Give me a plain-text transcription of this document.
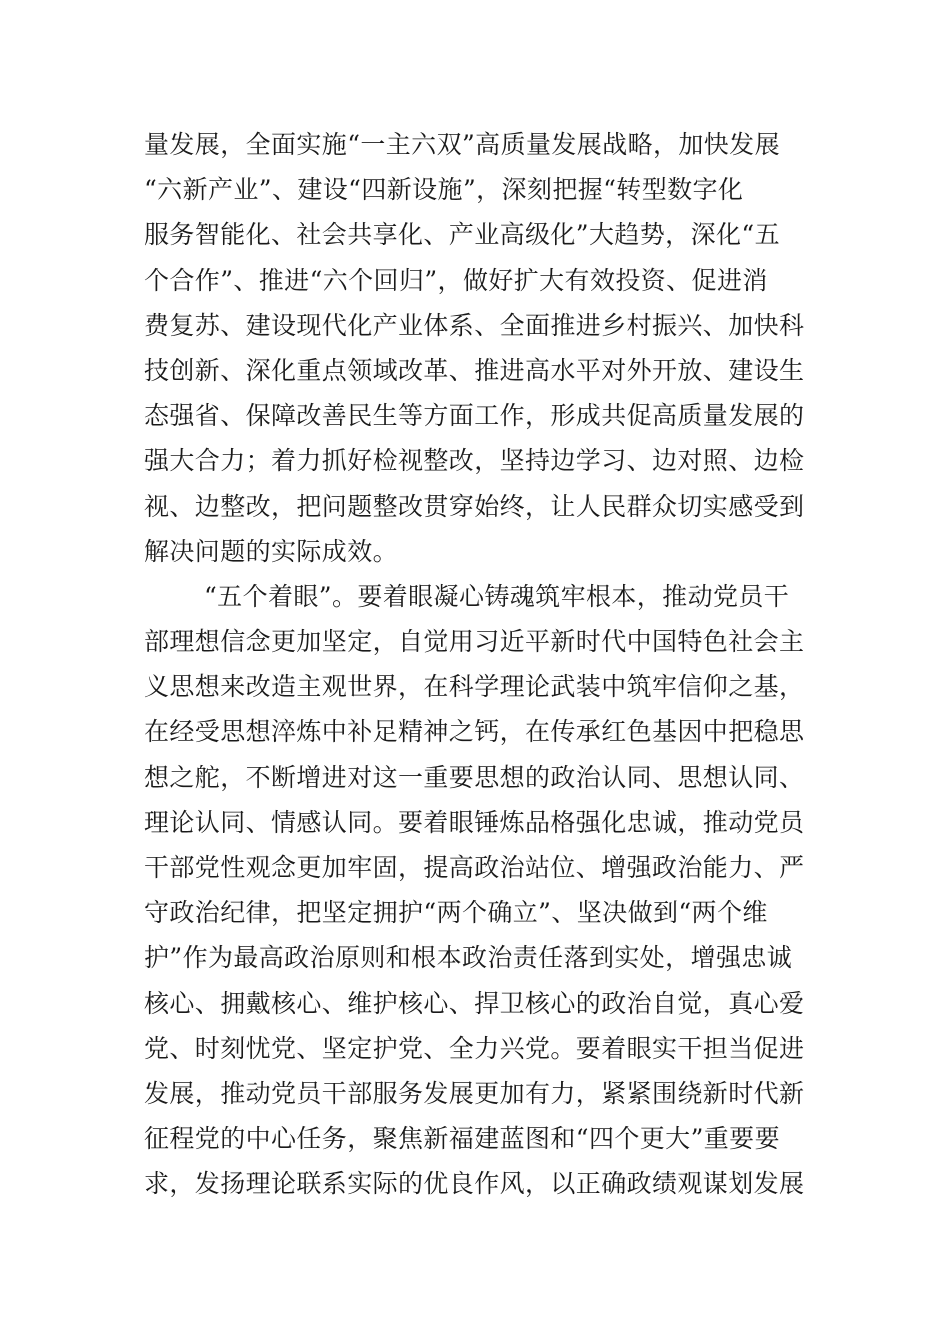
量发展，全面实施“一主六双”高质量发展战略，加快发展
“六新产业”、建设“四新设施”，深刻把握“转型数字化
服务智能化、社会共享化、产业高级化”大趋势，深化“五
个合作”、推进“六个回归”，做好扩大有效投资、促进消
费复苏、建设现代化产业体系、全面推进乡村振兴、加快科
技创新、深化重点领域改革、推进高水平对外开放、建设生
态强省、保障改善民生等方面工作，形成共促高质量发展的
强大合力；着力抓好检视整改，坚持边学习、边对照、边检
视、边整改，把问题整改贯穿始终，让人民群众切实感受到
解决问题的实际成效。
“五个着眼”。要着眼凝心铸魂筑牢根本，推动党员干
部理想信念更加坚定，自觉用习近平新时代中国特色社会主
义思想来改造主观世界，在科学理论武装中筑牢信仰之基，
在经受思想淬炼中补足精神之钙，在传承红色基因中把稳思
想之舵，不断增进对这一重要思想的政治认同、思想认同、
理论认同、情感认同。要着眼锤炼品格强化忠诚，推动党员
干部党性观念更加牢固，提高政治站位、增强政治能力、严
守政治纪律，把坚定拥护“两个确立”、坚决做到“两个维
护”作为最高政治原则和根本政治责任落到实处，增强忠诚
核心、拥戴核心、维护核心、捍卫核心的政治自觉，真心爱
党、时刻忧党、坚定护党、全力兴党。要着眼实干担当促进
发展，推动党员干部服务发展更加有力，紧紧围绕新时代新
征程党的中心任务，聚焦新福建蓝图和“四个更大”重要要
求，发扬理论联系实际的优良作风，以正确政绩观谋划发展
